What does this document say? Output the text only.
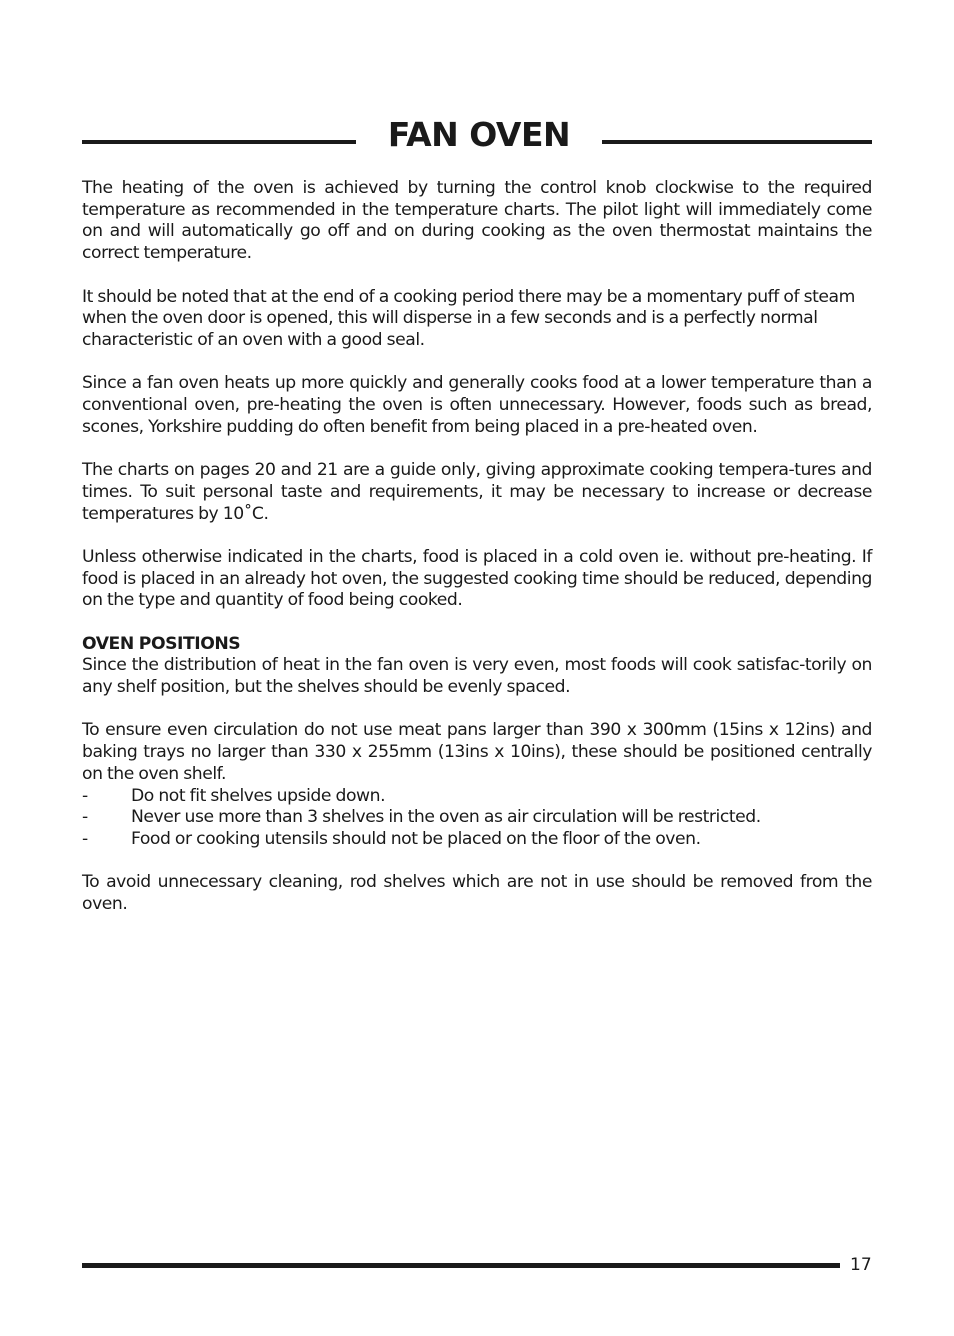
FAN OVEN

The heating of the oven is achieved by turning the control knob clockwise to the required temperature as recommended in the temperature charts. The pilot light will immediately come on and will automatically go off and on during cooking as the oven thermostat maintains the correct temperature.

It should be noted that at the end of a cooking period there may be a momentary puff of steam when the oven door is opened, this will disperse in a few seconds and is a perfectly normal characteristic of an oven with a good seal.

Since a fan oven heats up more quickly and generally cooks food at a lower temperature than a conventional oven, pre-heating the oven is often unnecessary. However, foods such as bread, scones, Yorkshire pudding do often benefit from being placed in a pre-heated oven.

The charts on pages 20 and 21 are a guide only, giving approximate cooking tempera-tures and times. To suit personal taste and requirements, it may be necessary to increase or decrease temperatures by 10˚C.

Unless otherwise indicated in the charts, food is placed in a cold oven ie. without pre-heating. If food is placed in an already hot oven, the suggested cooking time should be reduced, depending on the type and quantity of food being cooked.

OVEN POSITIONS

Since the distribution of heat in the fan oven is very even, most foods will cook satisfac-torily on any shelf position, but the shelves should be evenly spaced.

To ensure even circulation do not use meat pans larger than 390 x 300mm (15ins x 12ins) and baking trays no larger than 330 x 255mm (13ins x 10ins), these should be positioned centrally on the oven shelf.

-	Do not fit shelves upside down.
-	Never use more than 3 shelves in the oven as air circulation will be restricted.
-	Food or cooking utensils should not be placed on the floor of the oven.

To avoid unnecessary cleaning, rod shelves which are not in use should be removed from the oven.

17
